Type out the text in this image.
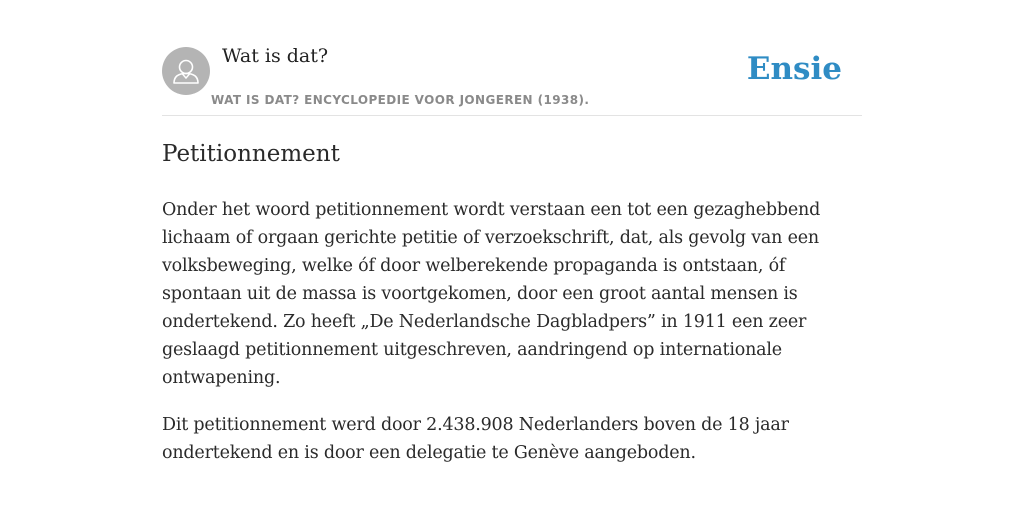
Wat is dat?
WAT IS DAT? ENCYCLOPEDIE VOOR JONGEREN (1938).
Ensie
Petitionnement

Onder het woord petitionnement wordt verstaan een tot een gezaghebbend lichaam of orgaan gerichte petitie of verzoekschrift, dat, als gevolg van een volksbeweging, welke óf door welberekende propaganda is ontstaan, óf spontaan uit de massa is voortgekomen, door een groot aantal mensen is ondertekend. Zo heeft „De Nederlandsche Dagbladpers” in 1911 een zeer geslaagd petitionnement uitgeschreven, aandringend op internationale ontwapening.

Dit petitionnement werd door 2.438.908 Nederlanders boven de 18 jaar ondertekend en is door een delegatie te Genève aangeboden.
